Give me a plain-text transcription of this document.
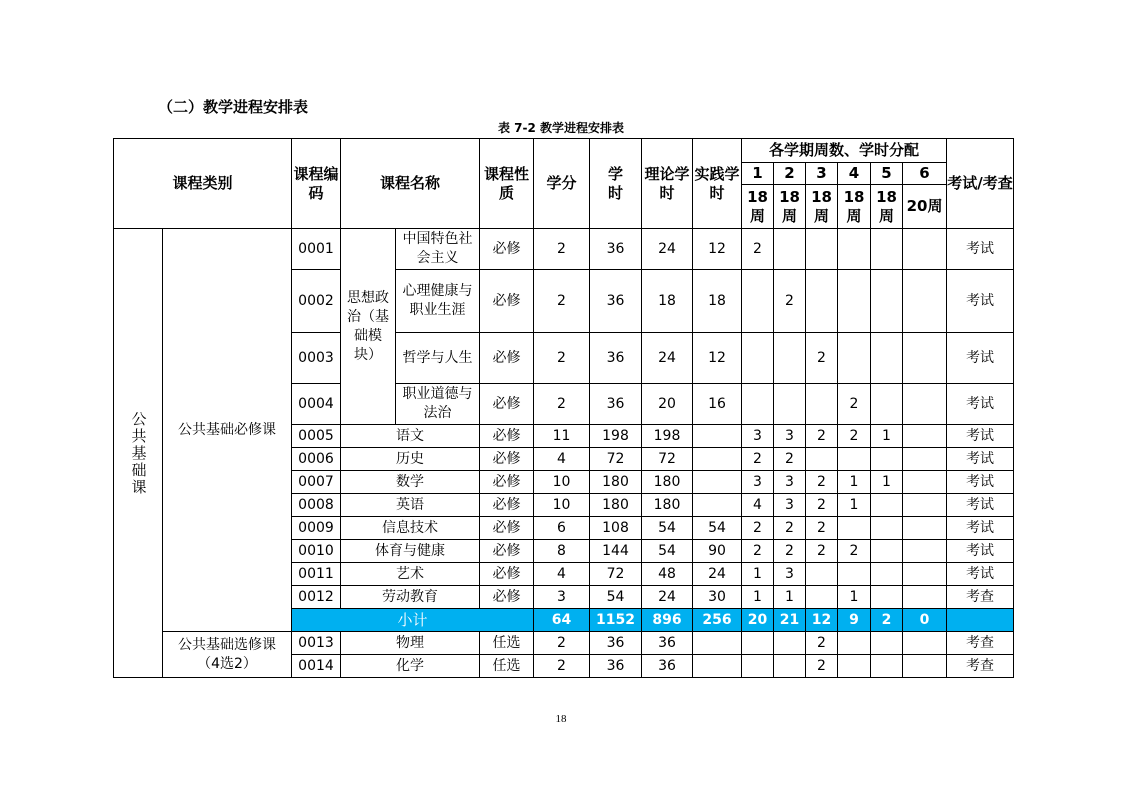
（二）教学进程安排表
表 7-2 教学进程安排表
课程类别		课程编码	课程名称		课程性质	学分	学时	理论学时	实践学时	各学期周数、学时分配						考试/考查
										1	2	3	4	5	6	
										18周	18周	18周	18周	18周	20周	
公共基础课	公共基础必修课	0001	思想政治（基础模块）	中国特色社会主义	必修	2	36	24	12	2						考试
		0002		心理健康与职业生涯	必修	2	36	18	18		2					考试
		0003		哲学与人生	必修	2	36	24	12			2				考试
		0004		职业道德与法治	必修	2	36	20	16				2			考试
		0005	语文		必修	11	198	198		3	3	2	2	1		考试
		0006	历史		必修	4	72	72		2	2					考试
		0007	数学		必修	10	180	180		3	3	2	1	1		考试
		0008	英语		必修	10	180	180		4	3	2	1			考试
		0009	信息技术		必修	6	108	54	54	2	2	2				考试
		0010	体育与健康		必修	8	144	54	90	2	2	2	2			考试
		0011	艺术		必修	4	72	48	24	1	3					考试
		0012	劳动教育		必修	3	54	24	30	1	1		1			考查
		小计				64	1152	896	256	20	21	12	9	2	0	
	公共基础选修课（4选2）	0013	物理		任选	2	36	36				2				考查
		0014	化学		任选	2	36	36				2				考查
18
